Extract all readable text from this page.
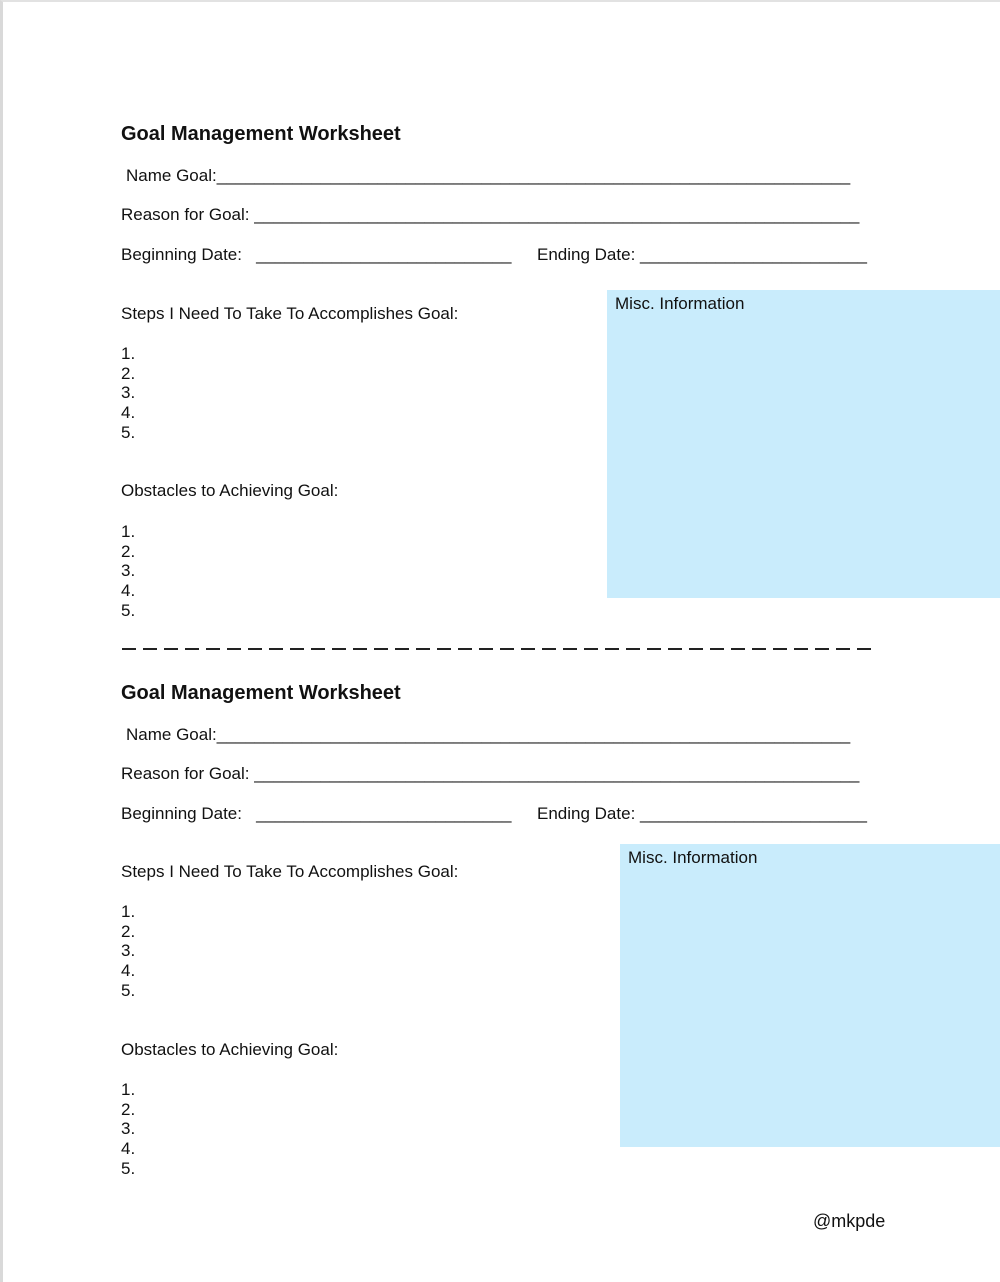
Goal Management Worksheet
Name Goal:___________________________________________________________________
Reason for Goal: ________________________________________________________________
Beginning Date:   ___________________________ Ending Date: ________________________
Steps I Need To Take To Accomplishes Goal:
1.
2.
3.
4.
5.
Obstacles to Achieving Goal:
1.
2.
3.
4.
5.
Misc. Information
Goal Management Worksheet
Name Goal:___________________________________________________________________
Reason for Goal: ________________________________________________________________
Beginning Date:   ___________________________ Ending Date: ________________________
Steps I Need To Take To Accomplishes Goal:
1.
2.
3.
4.
5.
Obstacles to Achieving Goal:
1.
2.
3.
4.
5.
Misc. Information
@mkpde
